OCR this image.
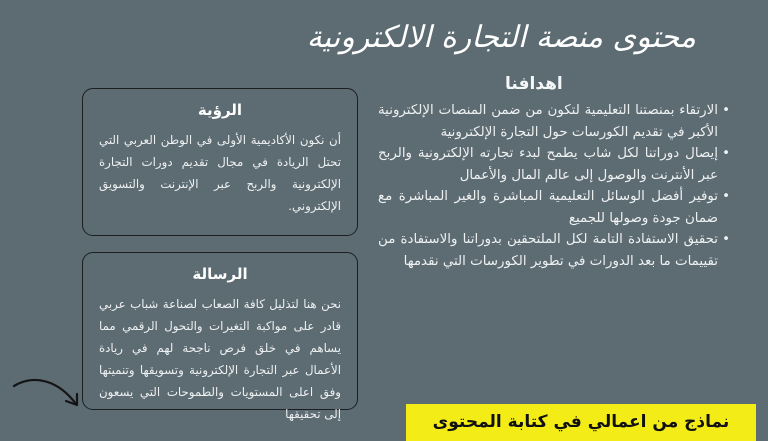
محتوى منصة التجارة الالكترونية
اهدافنا
• الارتقاء بمنصتنا التعليمية لتكون من ضمن المنصات الإلكترونية الأكبر في تقديم الكورسات حول التجارة الإلكترونية
• إيصال دوراتنا لكل شاب يطمح لبدء تجارته الإلكترونية والربح عبر الأنترنت والوصول إلى عالم المال والأعمال
• توفير أفضل الوسائل التعليمية المباشرة والغير المباشرة مع ضمان جودة وصولها للجميع
• تحقيق الاستفادة التامة لكل الملتحقين بدوراتنا والاستفادة من تقييمات ما بعد الدورات في تطوير الكورسات التي نقدمها
الرؤية

أن نكون الأكاديمية الأولى في الوطن العربي التي تحتل الريادة في مجال تقديم دورات التجارة الإلكترونية والربح عبر الإنترنت والتسويق الإلكتروني.

الرسالة

نحن هنا لتذليل كافة الصعاب لصناعة شباب عربي قادر على مواكبة التغيرات والتحول الرقمي مما يساهم في خلق فرص ناجحة لهم في ريادة الأعمال عبر التجارة الإلكترونية وتسويقها وتنميتها وفق اعلى المستويات والطموحات التي يسعون إلى تحقيقها	نماذج من اعمالي في كتابة المحتوى
